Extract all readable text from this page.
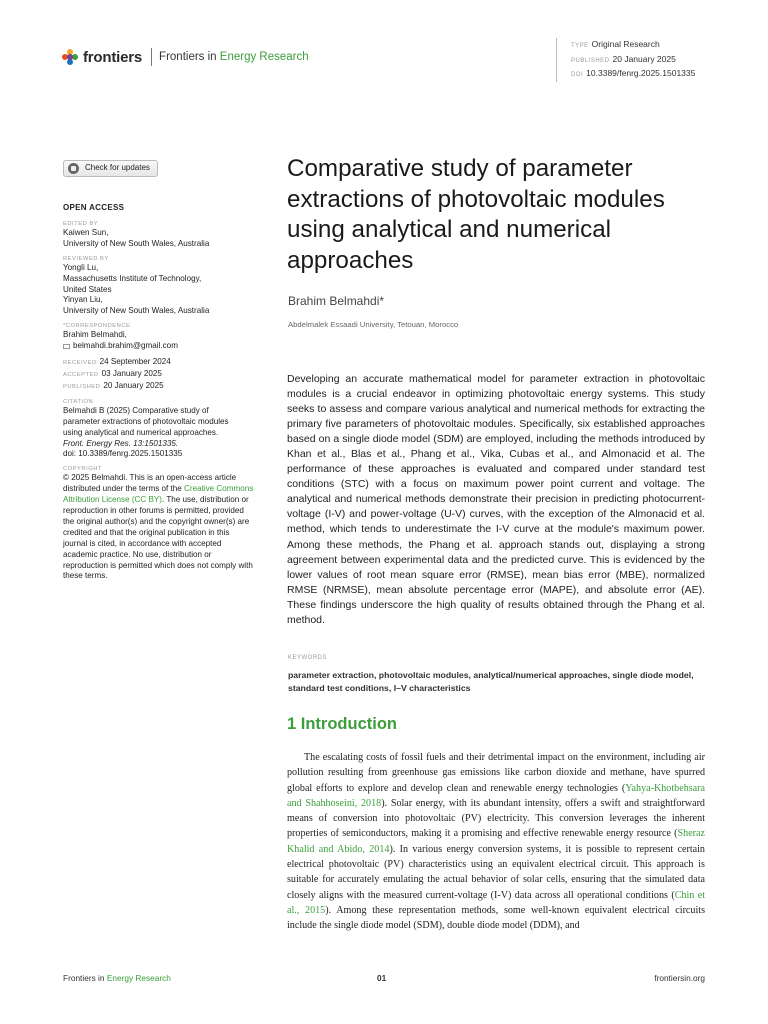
frontiers Frontiers in Energy Research
TYPE Original Research
PUBLISHED 20 January 2025
DOI 10.3389/fenrg.2025.1501335
Check for updates
OPEN ACCESS
EDITED BY
Kaiwen Sun,
University of New South Wales, Australia
REVIEWED BY
Yongli Lu,
Massachusetts Institute of Technology,
United States
Yinyan Liu,
University of New South Wales, Australia
*CORRESPONDENCE
Brahim Belmahdi,
belmahdi.brahim@gmail.com
RECEIVED 24 September 2024
ACCEPTED 03 January 2025
PUBLISHED 20 January 2025
CITATION
Belmahdi B (2025) Comparative study of
parameter extractions of photovoltaic modules
using analytical and numerical approaches.
Front. Energy Res. 13:1501335.
doi: 10.3389/fenrg.2025.1501335
COPYRIGHT
© 2025 Belmahdi. This is an open-access article distributed under the terms of the Creative Commons Attribution License (CC BY). The use, distribution or reproduction in other forums is permitted, provided the original author(s) and the copyright owner(s) are credited and that the original publication in this journal is cited, in accordance with accepted academic practice. No use, distribution or reproduction is permitted which does not comply with these terms.
Comparative study of parameter extractions of photovoltaic modules using analytical and numerical approaches
Brahim Belmahdi*
Abdelmalek Essaadi University, Tetouan, Morocco

Developing an accurate mathematical model for parameter extraction in photovoltaic modules is a crucial endeavor in optimizing photovoltaic energy systems. This study seeks to assess and compare various analytical and numerical methods for extracting the primary five parameters of photovoltaic modules. Specifically, six established approaches based on a single diode model (SDM) are employed, including the methods introduced by Khan et al., Blas et al., Phang et al., Vika, Cubas et al., and Almonacid et al. The performance of these approaches is evaluated and compared under standard test conditions (STC) with a focus on maximum power point current and voltage. The analytical and numerical methods demonstrate their precision in predicting photocurrent-voltage (I-V) and power-voltage (U-V) curves, with the exception of the Almonacid et al. method, which tends to underestimate the I-V curve at the module's maximum power. Among these methods, the Phang et al. approach stands out, displaying a strong agreement between experimental data and the predicted curve. This is evidenced by the lower values of root mean square error (RMSE), mean bias error (MBE), normalized RMSE (NRMSE), mean absolute percentage error (MAPE), and absolute error (AE). These findings underscore the high quality of results obtained through the Phang et al. method.

KEYWORDS
parameter extraction, photovoltaic modules, analytical/numerical approaches, single diode model, standard test conditions, I–V characteristics
1 Introduction

The escalating costs of fossil fuels and their detrimental impact on the environment, including air pollution resulting from greenhouse gas emissions like carbon dioxide and methane, have spurred global efforts to explore and develop clean and renewable energy technologies (Yahya-Khotbehsara and Shahhoseini, 2018). Solar energy, with its abundant intensity, offers a swift and straightforward means of conversion into photovoltaic (PV) electricity. This conversion leverages the inherent properties of semiconductors, making it a promising and effective renewable energy resource (Sheraz Khalid and Abido, 2014). In various energy conversion systems, it is possible to represent certain electrical photovoltaic (PV) characteristics using an equivalent electrical circuit. This approach is suitable for accurately emulating the actual behavior of solar cells, ensuring that the simulated data closely aligns with the measured current-voltage (I-V) data across all operational conditions (Chin et al., 2015). Among these representation methods, some well-known equivalent electrical circuits include the single diode model (SDM), double diode model (DDM), and

Frontiers in Energy Research	01	frontiersin.org
